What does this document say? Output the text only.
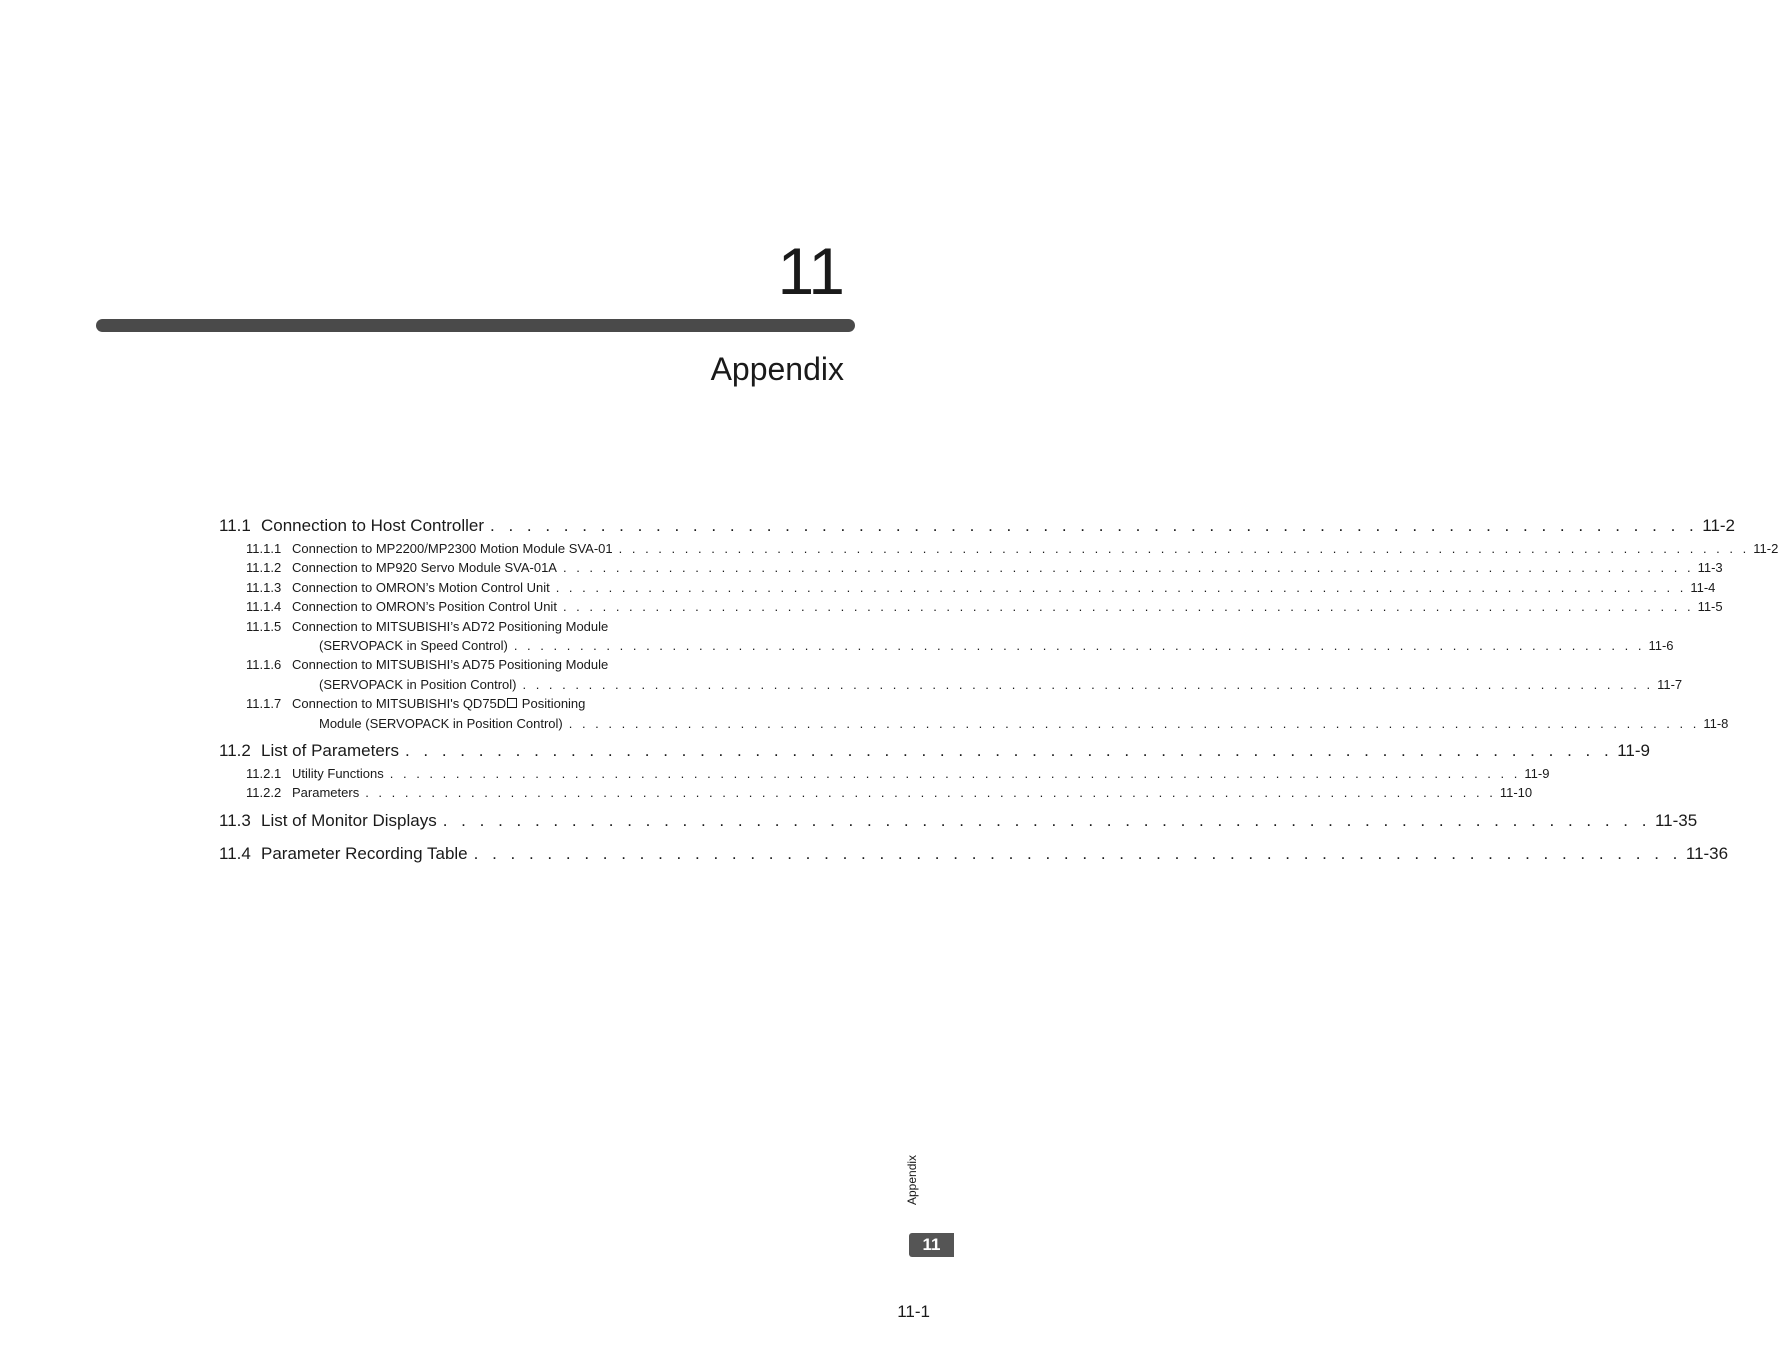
11
Appendix
11.1 Connection to Host Controller . . . . . . . . . . . . . . . . . . . . . . . . . . . . . . . . . . . . . . . . . . . . . . . . . . . . . . . . . . . . . . . . . . 11-2
11.1.1 Connection to MP2200/MP2300 Motion Module SVA-01 . . . . . . . . . . . . . . . . . . . . . . . . . . . . . . . . . . . . . . . . . . . . . . . . . . . . . . . . . . . . . . . . . . . . . . . . . . . . . . . . . . . . . . 11-2
11.1.2 Connection to MP920 Servo Module SVA-01A . . . . . . . . . . . . . . . . . . . . . . . . . . . . . . . . . . . . . . . . . . . . . . . . . . . . . . . . . . . . . . . . . . . . . . . . . . . . . . . . . . . . . . 11-3
11.1.3 Connection to OMRON’s Motion Control Unit . . . . . . . . . . . . . . . . . . . . . . . . . . . . . . . . . . . . . . . . . . . . . . . . . . . . . . . . . . . . . . . . . . . . . . . . . . . . . . . . . . . . . . 11-4
11.1.4 Connection to OMRON’s Position Control Unit . . . . . . . . . . . . . . . . . . . . . . . . . . . . . . . . . . . . . . . . . . . . . . . . . . . . . . . . . . . . . . . . . . . . . . . . . . . . . . . . . . . . . . 11-5
11.1.5 Connection to MITSUBISHI’s AD72 Positioning Module
(SERVOPACK in Speed Control) . . . . . . . . . . . . . . . . . . . . . . . . . . . . . . . . . . . . . . . . . . . . . . . . . . . . . . . . . . . . . . . . . . . . . . . . . . . . . . . . . . . . . . 11-6
11.1.6 Connection to MITSUBISHI’s AD75 Positioning Module
(SERVOPACK in Position Control) . . . . . . . . . . . . . . . . . . . . . . . . . . . . . . . . . . . . . . . . . . . . . . . . . . . . . . . . . . . . . . . . . . . . . . . . . . . . . . . . . . . . . . 11-7
11.1.7 Connection to MITSUBISHI's QD75D Positioning
Module (SERVOPACK in Position Control) . . . . . . . . . . . . . . . . . . . . . . . . . . . . . . . . . . . . . . . . . . . . . . . . . . . . . . . . . . . . . . . . . . . . . . . . . . . . . . . . . . . . . . 11-8
11.2 List of Parameters . . . . . . . . . . . . . . . . . . . . . . . . . . . . . . . . . . . . . . . . . . . . . . . . . . . . . . . . . . . . . . . . . . 11-9
11.2.1 Utility Functions . . . . . . . . . . . . . . . . . . . . . . . . . . . . . . . . . . . . . . . . . . . . . . . . . . . . . . . . . . . . . . . . . . . . . . . . . . . . . . . . . . . . . . 11-9
11.2.2 Parameters . . . . . . . . . . . . . . . . . . . . . . . . . . . . . . . . . . . . . . . . . . . . . . . . . . . . . . . . . . . . . . . . . . . . . . . . . . . . . . . . . . . . . . 11-10
11.3 List of Monitor Displays . . . . . . . . . . . . . . . . . . . . . . . . . . . . . . . . . . . . . . . . . . . . . . . . . . . . . . . . . . . . . . . . . . 11-35
11.4 Parameter Recording Table . . . . . . . . . . . . . . . . . . . . . . . . . . . . . . . . . . . . . . . . . . . . . . . . . . . . . . . . . . . . . . . . . . 11-36
Appendix
11
11-1
